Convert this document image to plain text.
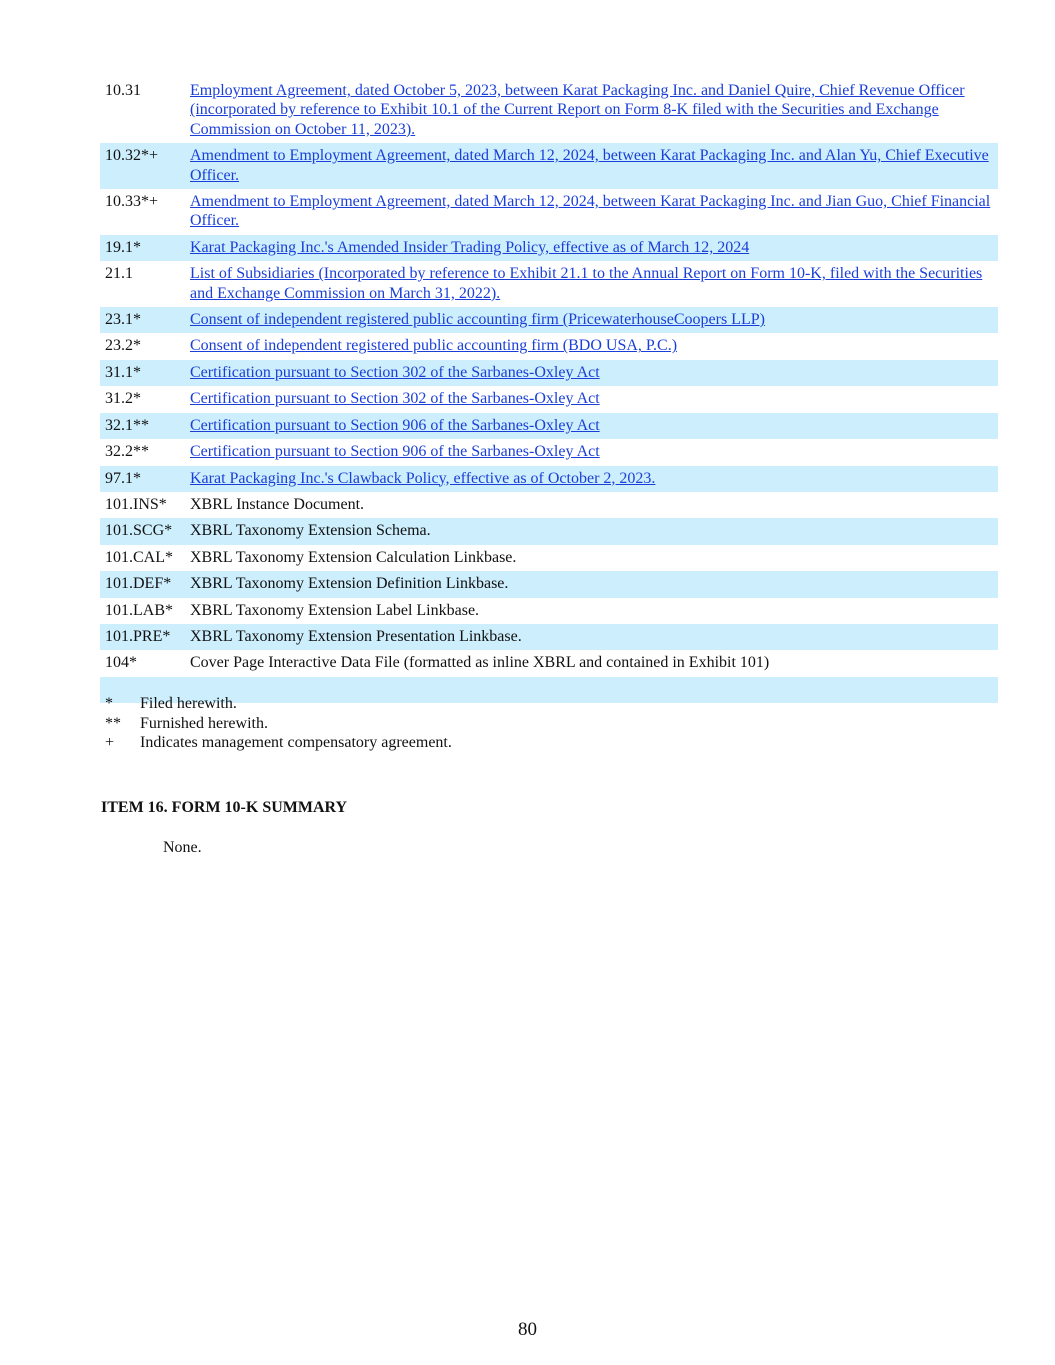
10.31	Employment Agreement, dated October 5, 2023, between Karat Packaging Inc. and Daniel Quire, Chief Revenue Officer (incorporated by reference to Exhibit 10.1 of the Current Report on Form 8-K filed with the Securities and Exchange Commission on October 11, 2023).
10.32*+	Amendment to Employment Agreement, dated March 12, 2024, between Karat Packaging Inc. and Alan Yu, Chief Executive Officer.
10.33*+	Amendment to Employment Agreement, dated March 12, 2024, between Karat Packaging Inc. and Jian Guo, Chief Financial Officer.
19.1*	Karat Packaging Inc.'s Amended Insider Trading Policy, effective as of March 12, 2024
21.1	List of Subsidiaries (Incorporated by reference to Exhibit 21.1 to the Annual Report on Form 10-K, filed with the Securities and Exchange Commission on March 31, 2022).
23.1*	Consent of independent registered public accounting firm (PricewaterhouseCoopers LLP)
23.2*	Consent of independent registered public accounting firm (BDO USA, P.C.)
31.1*	Certification pursuant to Section 302 of the Sarbanes-Oxley Act
31.2*	Certification pursuant to Section 302 of the Sarbanes-Oxley Act
32.1**	Certification pursuant to Section 906 of the Sarbanes-Oxley Act
32.2**	Certification pursuant to Section 906 of the Sarbanes-Oxley Act
97.1*	Karat Packaging Inc.'s Clawback Policy, effective as of October 2, 2023.
101.INS*	XBRL Instance Document.
101.SCG*	XBRL Taxonomy Extension Schema.
101.CAL*	XBRL Taxonomy Extension Calculation Linkbase.
101.DEF*	XBRL Taxonomy Extension Definition Linkbase.
101.LAB*	XBRL Taxonomy Extension Label Linkbase.
101.PRE*	XBRL Taxonomy Extension Presentation Linkbase.
104*	Cover Page Interactive Data File (formatted as inline XBRL and contained in Exhibit 101)
*	Filed herewith.
**	Furnished herewith.
+	Indicates management compensatory agreement.
ITEM 16. FORM 10-K SUMMARY
None.
80
